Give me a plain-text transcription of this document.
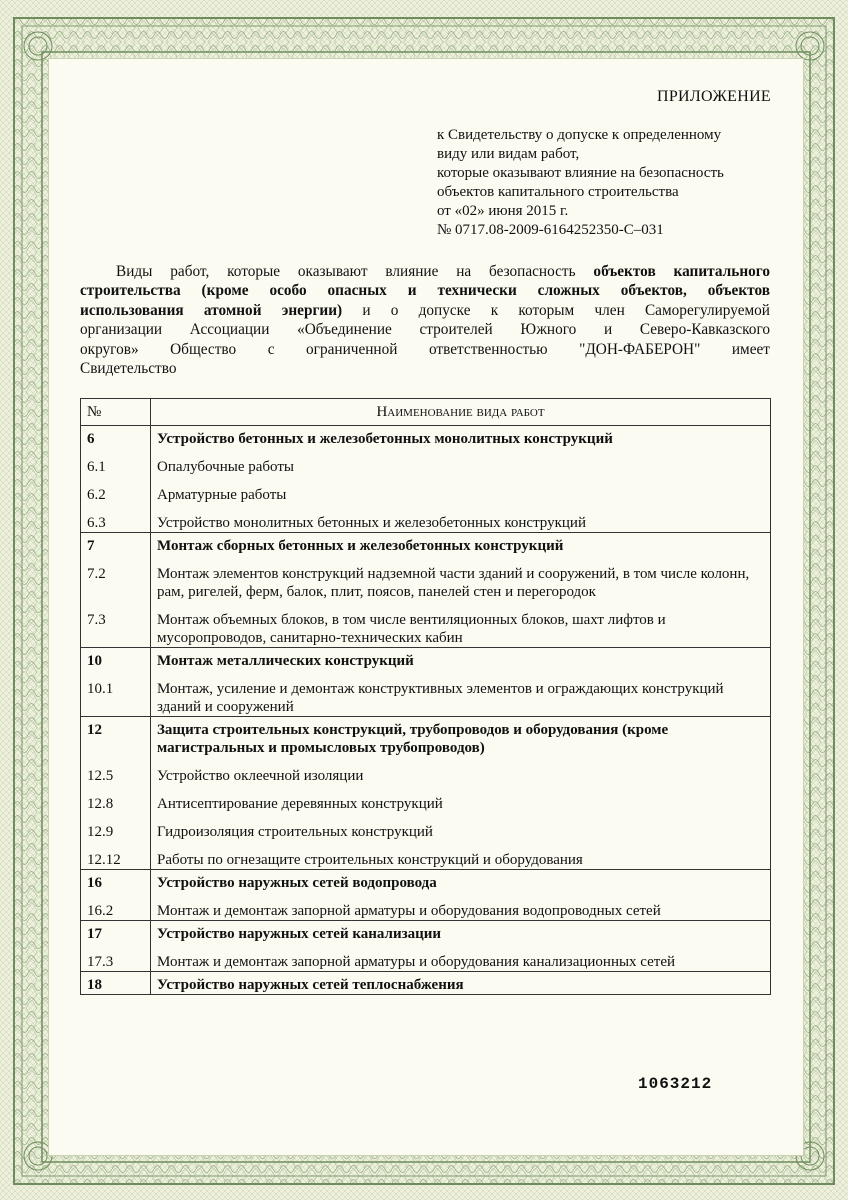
ПРИЛОЖЕНИЕ
к Свидетельству о допуске к определенному
виду или видам работ,
которые оказывают влияние на безопасность
объектов капитального строительства
от «02» июня 2015 г.
№ 0717.08-2009-6164252350-С–031
Виды работ, которые оказывают влияние на безопасность объектов капитального
строительства (кроме особо опасных и технически сложных объектов, объектов
использования атомной энергии) и о допуске к которым член Саморегулируемой
организации Ассоциации «Объединение строителей Южного и Северо-Кавказского
округов» Общество с ограниченной ответственностью "ДОН-ФАБЕРОН" имеет
Свидетельство
№	Наименование вида работ
6	Устройство бетонных и железобетонных монолитных конструкций
6.1	Опалубочные работы
6.2	Арматурные работы
6.3	Устройство монолитных бетонных и железобетонных конструкций
7	Монтаж сборных бетонных и железобетонных конструкций
7.2	Монтаж элементов конструкций надземной части зданий и сооружений, в том числе колонн, рам, ригелей, ферм, балок, плит, поясов, панелей стен и перегородок
7.3	Монтаж объемных блоков, в том числе вентиляционных блоков, шахт лифтов и мусоропроводов, санитарно-технических кабин
10	Монтаж металлических конструкций
10.1	Монтаж, усиление и демонтаж конструктивных элементов и ограждающих конструкций зданий и сооружений
12	Защита строительных конструкций, трубопроводов и оборудования (кроме магистральных и промысловых трубопроводов)
12.5	Устройство оклеечной изоляции
12.8	Антисептирование деревянных конструкций
12.9	Гидроизоляция строительных конструкций
12.12	Работы по огнезащите строительных конструкций и оборудования
16	Устройство наружных сетей водопровода
16.2	Монтаж и демонтаж запорной арматуры и оборудования водопроводных сетей
17	Устройство наружных сетей канализации
17.3	Монтаж и демонтаж запорной арматуры и оборудования канализационных сетей
18	Устройство наружных сетей теплоснабжения
1063212
